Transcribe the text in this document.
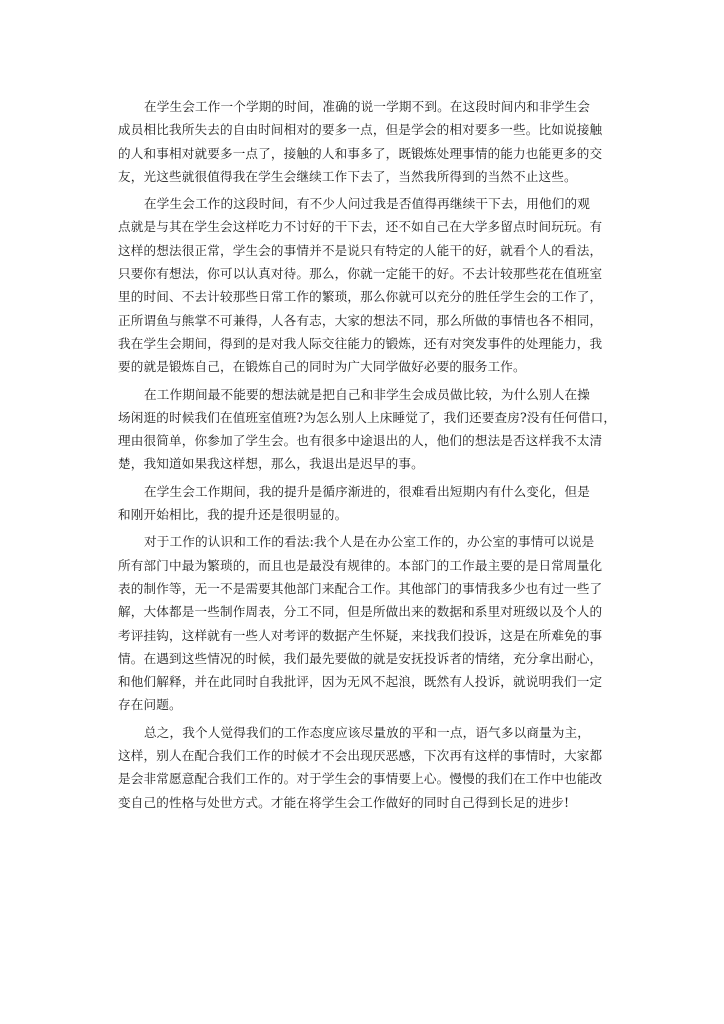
在学生会工作一个学期的时间，准确的说一学期不到。在这段时间内和非学生会
成员相比我所失去的自由时间相对的要多一点，但是学会的相对要多一些。比如说接触
的人和事相对就要多一点了，接触的人和事多了，既锻炼处理事情的能力也能更多的交
友，光这些就很值得我在学生会继续工作下去了，当然我所得到的当然不止这些。
在学生会工作的这段时间，有不少人问过我是否值得再继续干下去，用他们的观
点就是与其在学生会这样吃力不讨好的干下去，还不如自己在大学多留点时间玩玩。有
这样的想法很正常，学生会的事情并不是说只有特定的人能干的好，就看个人的看法，
只要你有想法，你可以认真对待。那么，你就一定能干的好。不去计较那些花在值班室
里的时间、不去计较那些日常工作的繁琐，那么你就可以充分的胜任学生会的工作了，
正所谓鱼与熊掌不可兼得，人各有志，大家的想法不同，那么所做的事情也各不相同，
我在学生会期间，得到的是对我人际交往能力的锻炼，还有对突发事件的处理能力，我
要的就是锻炼自己，在锻炼自己的同时为广大同学做好必要的服务工作。
在工作期间最不能要的想法就是把自己和非学生会成员做比较，为什么别人在操
场闲逛的时候我们在值班室值班?为怎么别人上床睡觉了，我们还要查房?没有任何借口，
理由很简单，你参加了学生会。也有很多中途退出的人，他们的想法是否这样我不太清
楚，我知道如果我这样想，那么，我退出是迟早的事。
在学生会工作期间，我的提升是循序渐进的，很难看出短期内有什么变化，但是
和刚开始相比，我的提升还是很明显的。
对于工作的认识和工作的看法:我个人是在办公室工作的，办公室的事情可以说是
所有部门中最为繁琐的，而且也是最没有规律的。本部门的工作最主要的是日常周量化
表的制作等，无一不是需要其他部门来配合工作。其他部门的事情我多少也有过一些了
解，大体都是一些制作周表，分工不同，但是所做出来的数据和系里对班级以及个人的
考评挂钩，这样就有一些人对考评的数据产生怀疑，来找我们投诉，这是在所难免的事
情。在遇到这些情况的时候，我们最先要做的就是安抚投诉者的情绪，充分拿出耐心，
和他们解释，并在此同时自我批评，因为无风不起浪，既然有人投诉，就说明我们一定
存在问题。
总之，我个人觉得我们的工作态度应该尽量放的平和一点，语气多以商量为主，
这样，别人在配合我们工作的时候才不会出现厌恶感，下次再有这样的事情时，大家都
是会非常愿意配合我们工作的。对于学生会的事情要上心。慢慢的我们在工作中也能改
变自己的性格与处世方式。才能在将学生会工作做好的同时自己得到长足的进步!
